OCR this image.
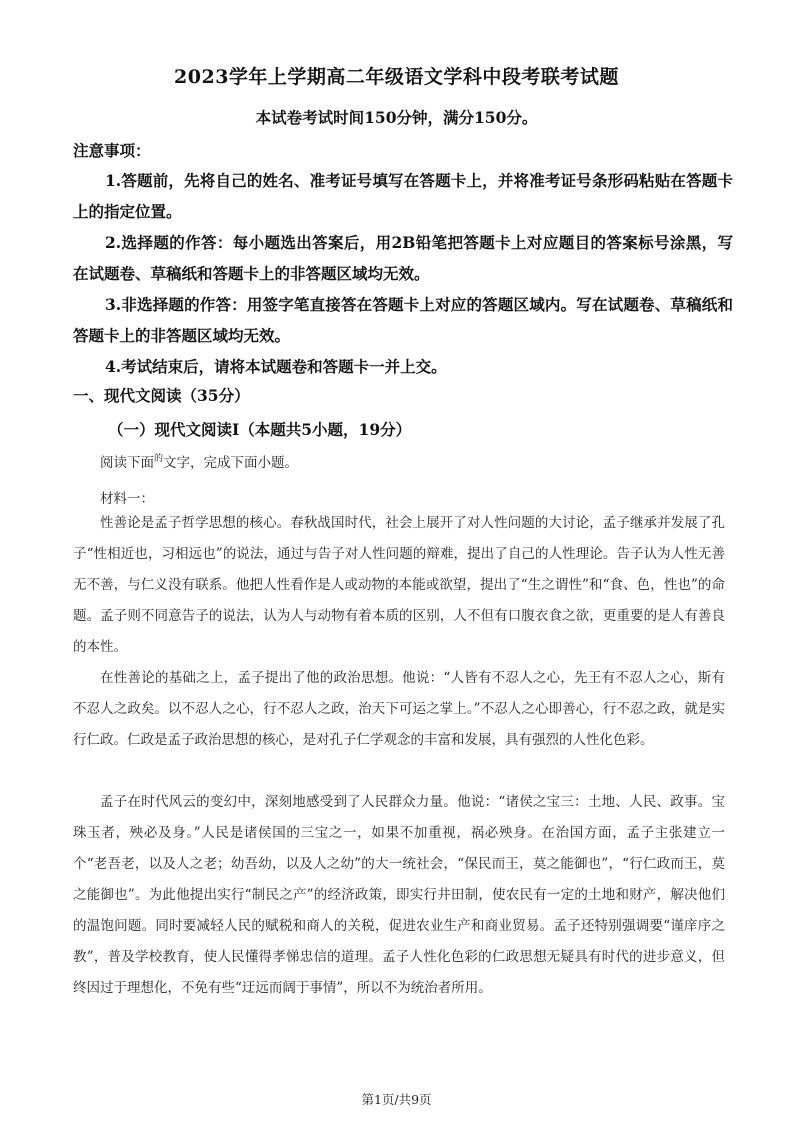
2023学年上学期高二年级语文学科中段考联考试题
本试卷考试时间150分钟，满分150分。
注意事项：
1.答题前，先将自己的姓名、准考证号填写在答题卡上，并将准考证号条形码粘贴在答题卡上的指定位置。
2.选择题的作答：每小题选出答案后，用2B铅笔把答题卡上对应题目的答案标号涂黑，写在试题卷、草稿纸和答题卡上的非答题区域均无效。
3.非选择题的作答：用签字笔直接答在答题卡上对应的答题区域内。写在试题卷、草稿纸和答题卡上的非答题区域均无效。
4.考试结束后，请将本试题卷和答题卡一并上交。
一、现代文阅读（35分）
（一）现代文阅读Ⅰ（本题共5小题，19分）
阅读下面$^的$文字，完成下面小题。
材料一：
性善论是孟子哲学思想的核心。春秋战国时代，社会上展开了对人性问题的大讨论，孟子继承并发展了孔子“性相近也，习相远也”的说法，通过与告子对人性问题的辩难，提出了自己的人性理论。告子认为人性无善无不善，与仁义没有联系。他把人性看作是人或动物的本能或欲望，提出了“生之谓性”和“食、色，性也”的命题。孟子则不同意告子的说法，认为人与动物有着本质的区别，人不但有口腹衣食之欲，更重要的是人有善良的本性。
在性善论的基础之上，孟子提出了他的政治思想。他说：“人皆有不忍人之心，先王有不忍人之心，斯有不忍人之政矣。以不忍人之心，行不忍人之政，治天下可运之掌上。”不忍人之心即善心，行不忍之政，就是实行仁政。仁政是孟子政治思想的核心，是对孔子仁学观念的丰富和发展，具有强烈的人性化色彩。
孟子在时代风云的变幻中，深刻地感受到了人民群众力量。他说：“诸侯之宝三：土地、人民、政事。宝珠玉者，殃必及身。”人民是诸侯国的三宝之一，如果不加重视，祸必殃身。在治国方面，孟子主张建立一个“老吾老，以及人之老；幼吾幼，以及人之幼”的大一统社会，“保民而王，莫之能御也”，“行仁政而王，莫之能御也”。为此他提出实行“制民之产”的经济政策，即实行井田制，使农民有一定的土地和财产，解决他们的温饱问题。同时要减轻人民的赋税和商人的关税，促进农业生产和商业贸易。孟子还特别强调要“谨庠序之教”，普及学校教育，使人民懂得孝悌忠信的道理。孟子人性化色彩的仁政思想无疑具有时代的进步意义，但终因过于理想化，不免有些“迂远而阔于事情”，所以不为统治者所用。
第1页/共9页
